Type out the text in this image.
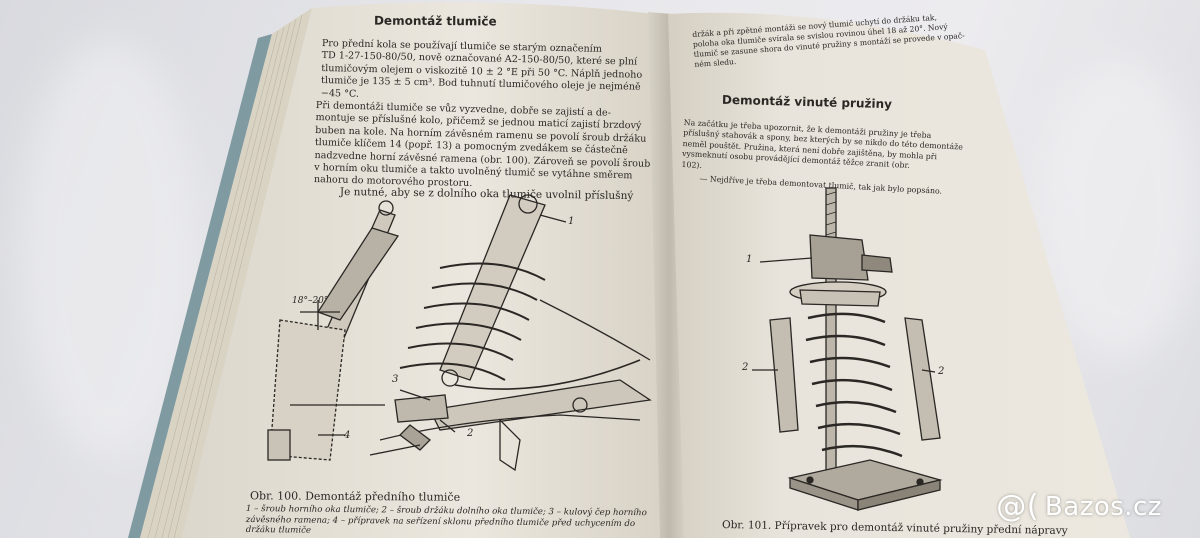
Demontáž tlumiče
Pro přední kola se používají tlumiče se starým označením
TD 1-27-150-80/50, nově označované A2-150-80/50, které se plní
tlumičovým olejem o viskozitě 10 ± 2 °E při 50 °C. Náplň jednoho
tlumiče je 135 ± 5 cm³. Bod tuhnutí tlumičového oleje je nejméně
−45 °C.
Při demontáži tlumiče se vůz vyzvedne, dobře se zajistí a de-
montuje se příslušné kolo, přičemž se jednou maticí zajistí brzdový
buben na kole. Na horním závěsném ramenu se povolí šroub držáku
tlumiče klíčem 14 (popř. 13) a pomocným zvedákem se částečně
nadzvedne horní závěsné ramena (obr. 100). Zároveň se povolí šroub
v horním oku tlumiče a takto uvolněný tlumič se vytáhne směrem
nahoru do motorového prostoru.
Je nutné, aby se z dolního oka tlumiče uvolnil příslušný
18°–20°
1
2
3
4
Obr. 100. Demontáž předního tlumiče
1 – šroub horního oka tlumiče; 2 – šroub držáku dolního oka tlumiče; 3 – kulový čep horního
závěsného ramena; 4 – přípravek na seřízení sklonu předního tlumiče před uchycením do
držáku tlumiče
držák a při zpětné montáži se nový tlumič uchytí do držáku tak,
poloha oka tlumiče svírala se svislou rovinou úhel 18 až 20°. Nový
tlumič se zasune shora do vinuté pružiny s montáží se provede v opač-
ném sledu.
Demontáž vinuté pružiny
Na začátku je třeba upozornit, že k demontáži pružiny je třeba
příslušný stahovák a spony, bez kterých by se nikdo do této demontáže
neměl pouštět. Pružina, která není dobře zajištěna, by mohla při
vysmeknutí osobu provádějící demontáž těžce zranit (obr.
102).
— Nejdříve je třeba demontovat tlumič, tak jak bylo popsáno.
1
2	2
Obr. 101. Přípravek pro demontáž vinuté pružiny přední nápravy
@( Bazos.cz
